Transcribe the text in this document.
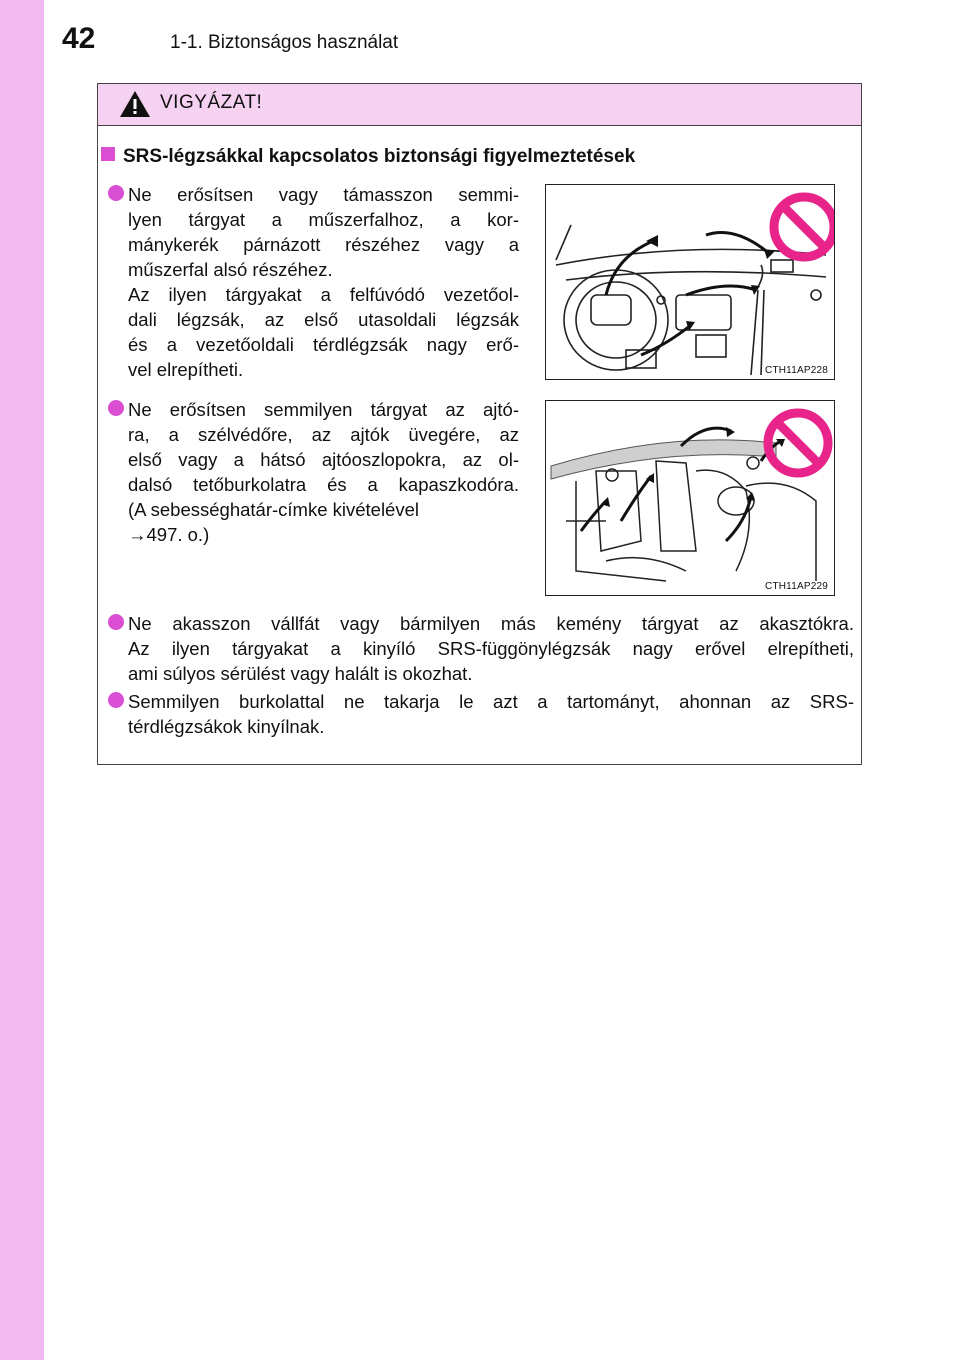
42	1-1. Biztonságos használat
VIGYÁZAT!
SRS-légzsákkal kapcsolatos biztonsági figyelmeztetések
Ne erősítsen vagy támasszon semmi-
lyen tárgyat a műszerfalhoz, a kor-
mánykerék párnázott részéhez vagy a
műszerfal alsó részéhez.
Az ilyen tárgyakat a felfúvódó vezetőol-
dali légzsák, az első utasoldali légzsák
és a vezetőoldali térdlégzsák nagy erő-
vel elrepítheti.	CTH11AP228
Ne erősítsen semmilyen tárgyat az ajtó-
ra, a szélvédőre, az ajtók üvegére, az
első vagy a hátsó ajtóoszlopokra, az ol-
dalsó tetőburkolatra és a kapaszkodóra.
(A sebességhatár-címke kivételével
→497. o.)
CTH11AP229
Ne akasszon vállfát vagy bármilyen más kemény tárgyat az akasztókra.
Az ilyen tárgyakat a kinyíló SRS-függönylégzsák nagy erővel elrepítheti,
ami súlyos sérülést vagy halált is okozhat.
Semmilyen burkolattal ne takarja le azt a tartományt, ahonnan az SRS-
térdlégzsákok kinyílnak.
